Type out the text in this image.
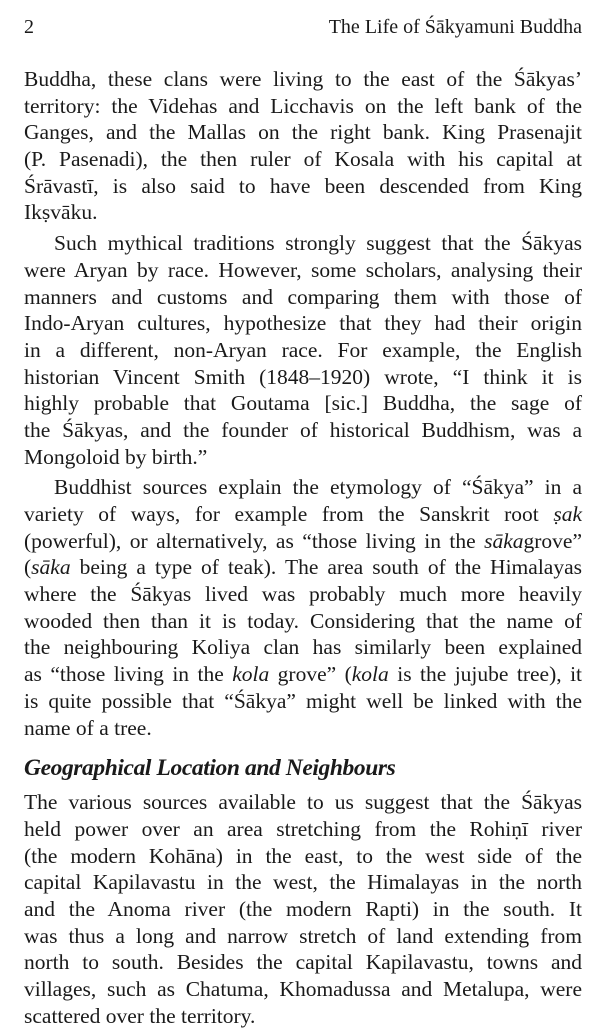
2	The Life of Śākyamuni Buddha
Buddha, these clans were living to the east of the Śākyas’
territory: the Videhas and Licchavis on the left bank of the
Ganges, and the Mallas on the right bank. King Prasenajit
(P. Pasenadi), the then ruler of Kosala with his capital at
Śrāvastī, is also said to have been descended from King
Ikṣvāku.
Such mythical traditions strongly suggest that the Śākyas
were Aryan by race. However, some scholars, analysing their
manners and customs and comparing them with those of
Indo-Aryan cultures, hypothesize that they had their origin
in a different, non-Aryan race. For example, the English
historian Vincent Smith (1848–1920) wrote, “I think it is
highly probable that Goutama [sic.] Buddha, the sage of
the Śākyas, and the founder of historical Buddhism, was a
Mongoloid by birth.”
Buddhist sources explain the etymology of “Śākya” in a
variety of ways, for example from the Sanskrit root ṣak
(powerful), or alternatively, as “those living in the sākagrove”
(sāka being a type of teak). The area south of the Himalayas
where the Śākyas lived was probably much more heavily
wooded then than it is today. Considering that the name of
the neighbouring Koliya clan has similarly been explained
as “those living in the kola grove” (kola is the jujube tree), it
is quite possible that “Śākya” might well be linked with the
name of a tree.
Geographical Location and Neighbours
The various sources available to us suggest that the Śākyas
held power over an area stretching from the Rohiṇī river
(the modern Kohāna) in the east, to the west side of the
capital Kapilavastu in the west, the Himalayas in the north
and the Anoma river (the modern Rapti) in the south. It
was thus a long and narrow stretch of land extending from
north to south. Besides the capital Kapilavastu, towns and
villages, such as Chatuma, Khomadussa and Metalupa, were
scattered over the territory.
